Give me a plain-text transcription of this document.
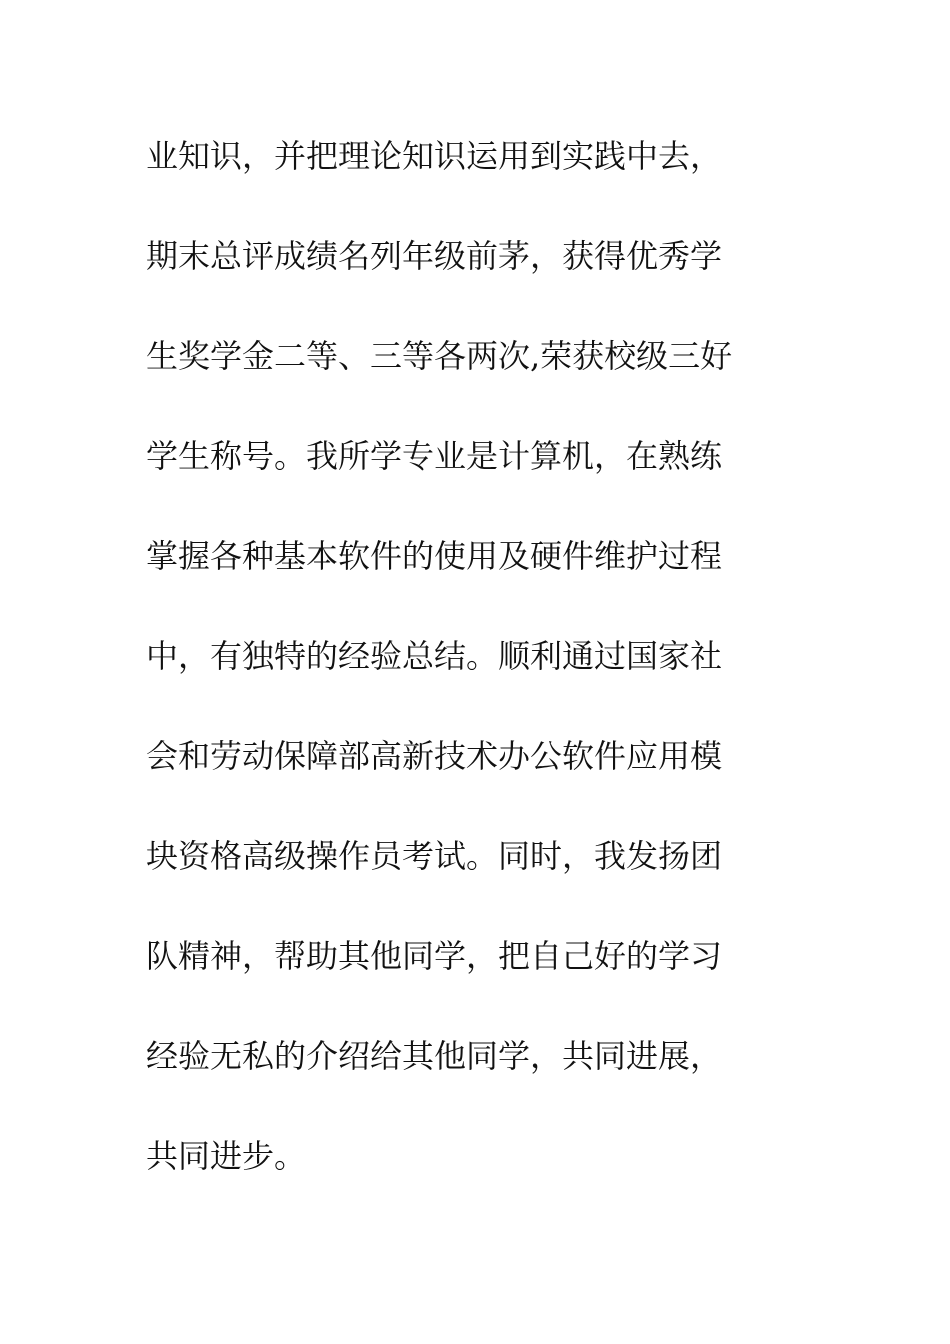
业知识，并把理论知识运用到实践中去，
期末总评成绩名列年级前茅，获得优秀学
生奖学金二等、三等各两次,荣获校级三好
学生称号。我所学专业是计算机，在熟练
掌握各种基本软件的使用及硬件维护过程
中，有独特的经验总结。顺利通过国家社
会和劳动保障部高新技术办公软件应用模
块资格高级操作员考试。同时，我发扬团
队精神，帮助其他同学，把自己好的学习
经验无私的介绍给其他同学，共同进展，
共同进步。
